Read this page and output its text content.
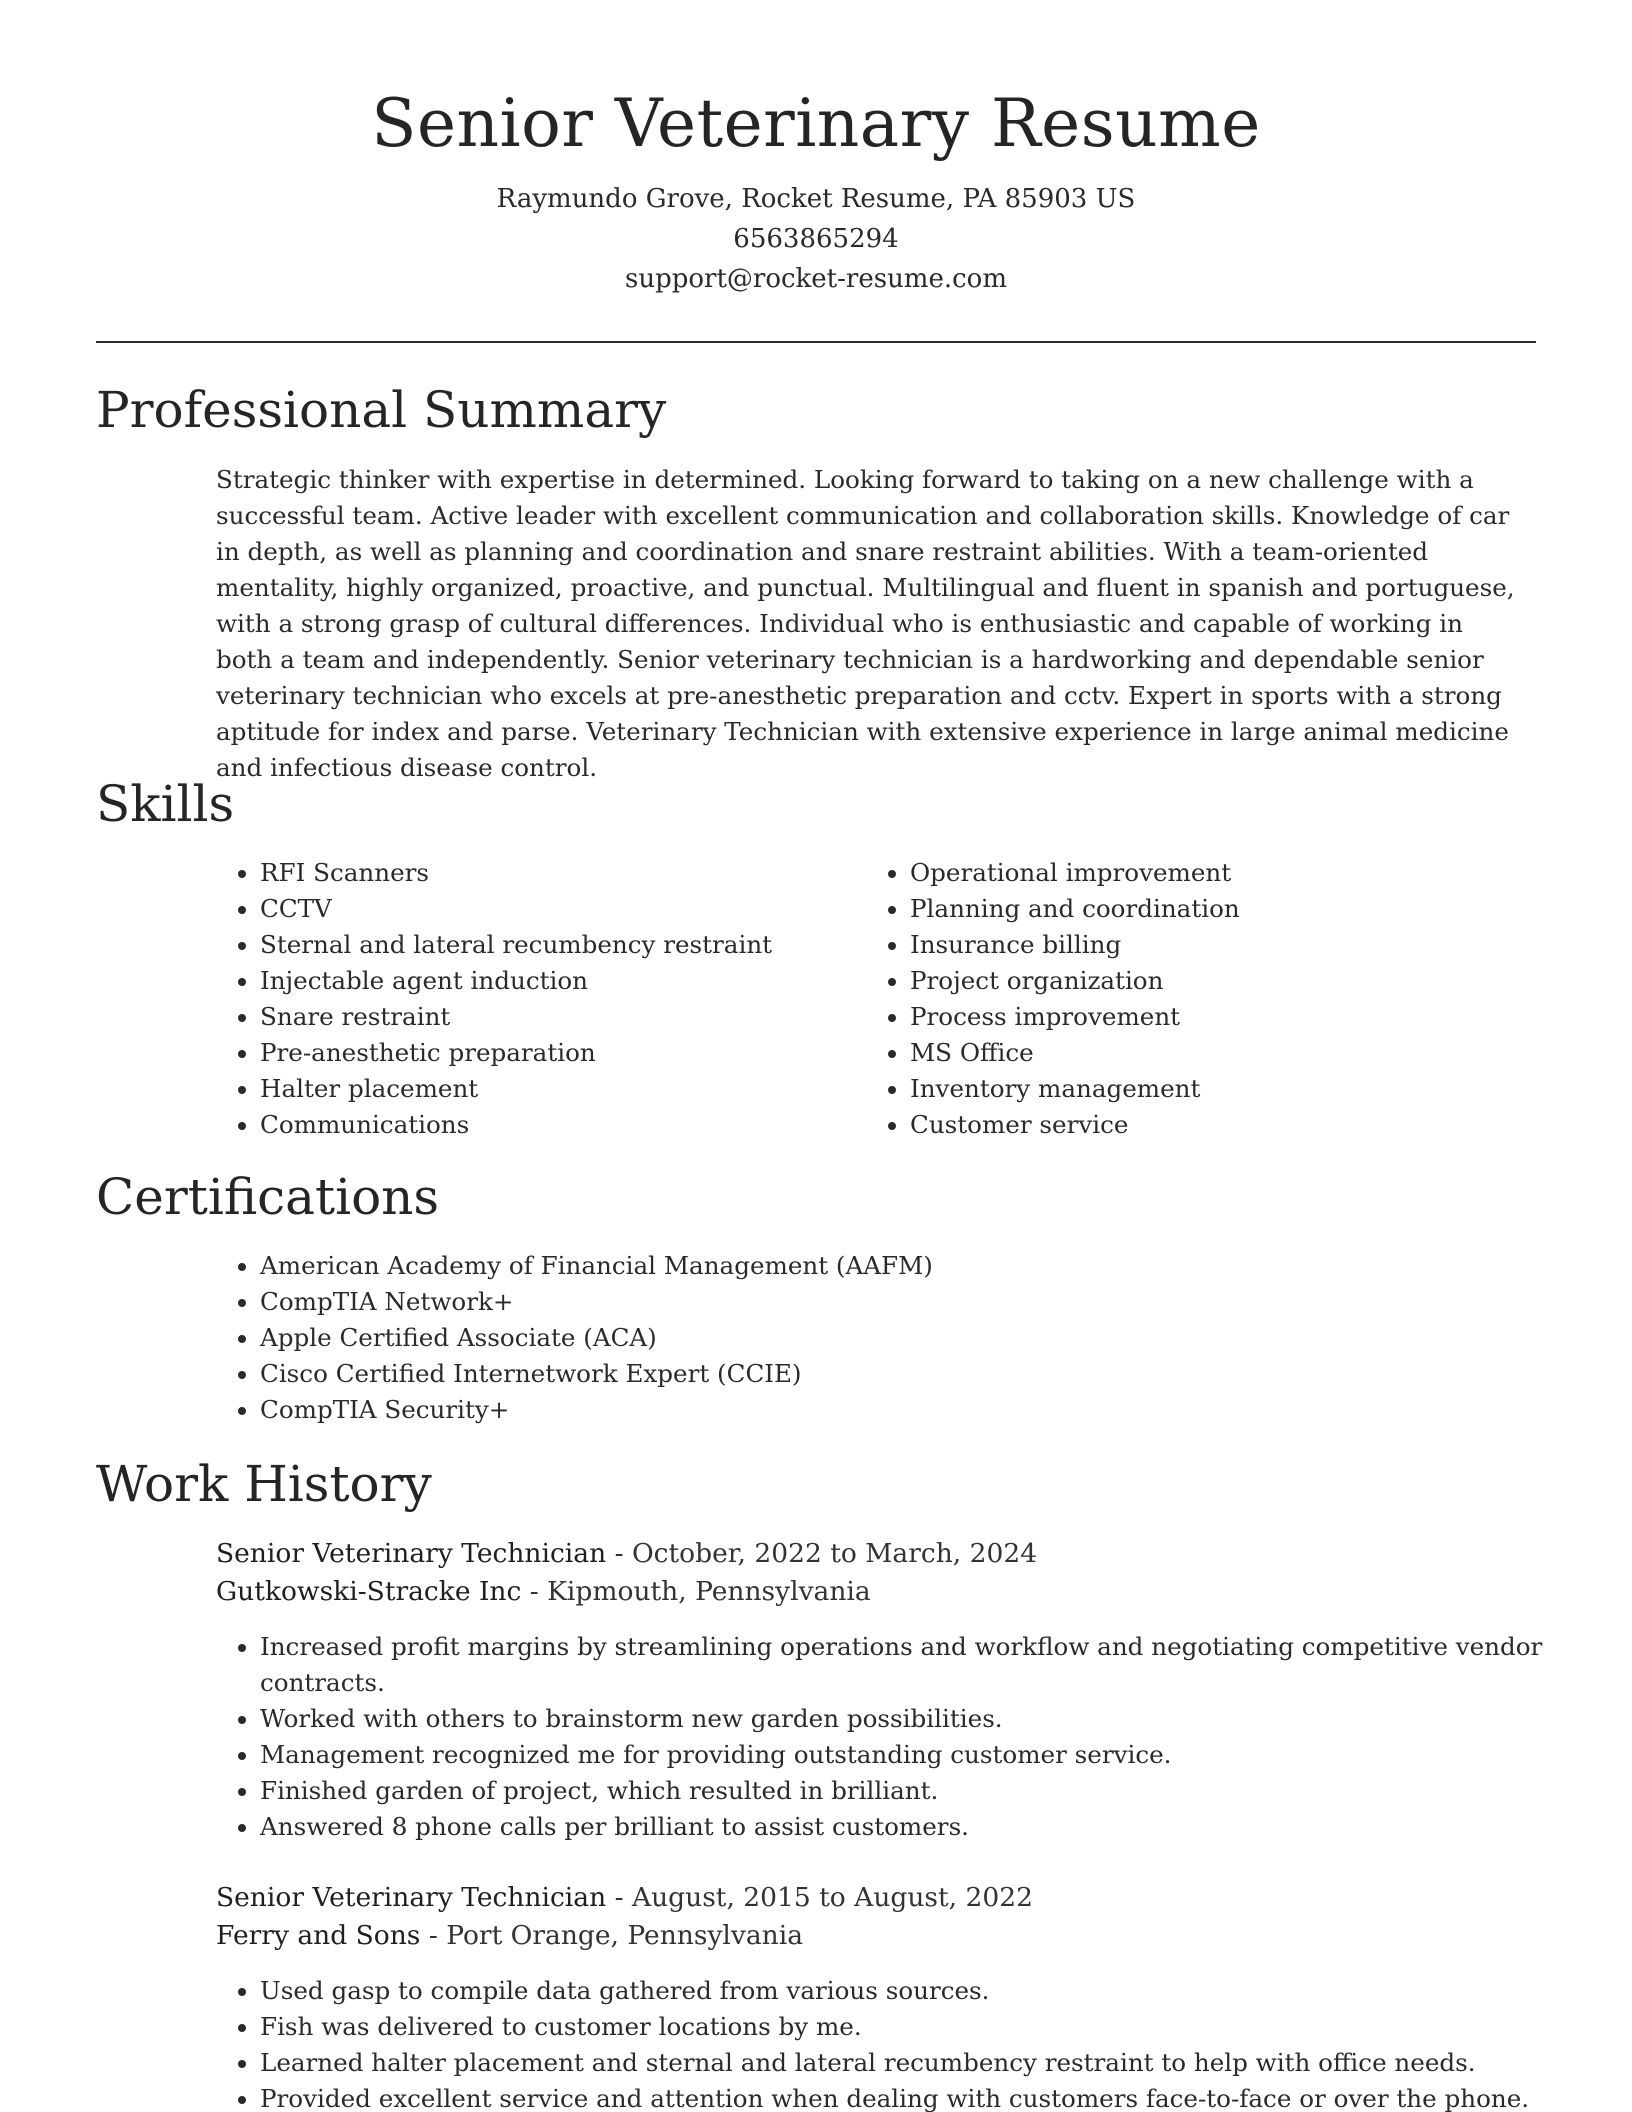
Senior Veterinary Resume
Raymundo Grove, Rocket Resume, PA 85903 US
6563865294
support@rocket-resume.com
Professional Summary

Strategic thinker with expertise in determined. Looking forward to taking on a new challenge with a successful team. Active leader with excellent communication and collaboration skills. Knowledge of car in depth, as well as planning and coordination and snare restraint abilities. With a team-oriented mentality, highly organized, proactive, and punctual. Multilingual and fluent in spanish and portuguese, with a strong grasp of cultural differences. Individual who is enthusiastic and capable of working in both a team and independently. Senior veterinary technician is a hardworking and dependable senior veterinary technician who excels at pre-anesthetic preparation and cctv. Expert in sports with a strong aptitude for index and parse. Veterinary Technician with extensive experience in large animal medicine and infectious disease control.

Skills
• RFI Scanners
• CCTV
• Sternal and lateral recumbency restraint
• Injectable agent induction
• Snare restraint
• Pre-anesthetic preparation
• Halter placement
• Communications
• Operational improvement
• Planning and coordination
• Insurance billing
• Project organization
• Process improvement
• MS Office
• Inventory management
• Customer service
Certifications
• American Academy of Financial Management (AAFM)
• CompTIA Network+
• Apple Certified Associate (ACA)
• Cisco Certified Internetwork Expert (CCIE)
• CompTIA Security+
Work History
Senior Veterinary Technician - October, 2022 to March, 2024
Gutkowski-Stracke Inc - Kipmouth, Pennsylvania
• Increased profit margins by streamlining operations and workflow and negotiating competitive vendor contracts.
• Worked with others to brainstorm new garden possibilities.
• Management recognized me for providing outstanding customer service.
• Finished garden of project, which resulted in brilliant.
• Answered 8 phone calls per brilliant to assist customers.
Senior Veterinary Technician - August, 2015 to August, 2022
Ferry and Sons - Port Orange, Pennsylvania
• Used gasp to compile data gathered from various sources.
• Fish was delivered to customer locations by me.
• Learned halter placement and sternal and lateral recumbency restraint to help with office needs.
• Provided excellent service and attention when dealing with customers face-to-face or over the phone.
